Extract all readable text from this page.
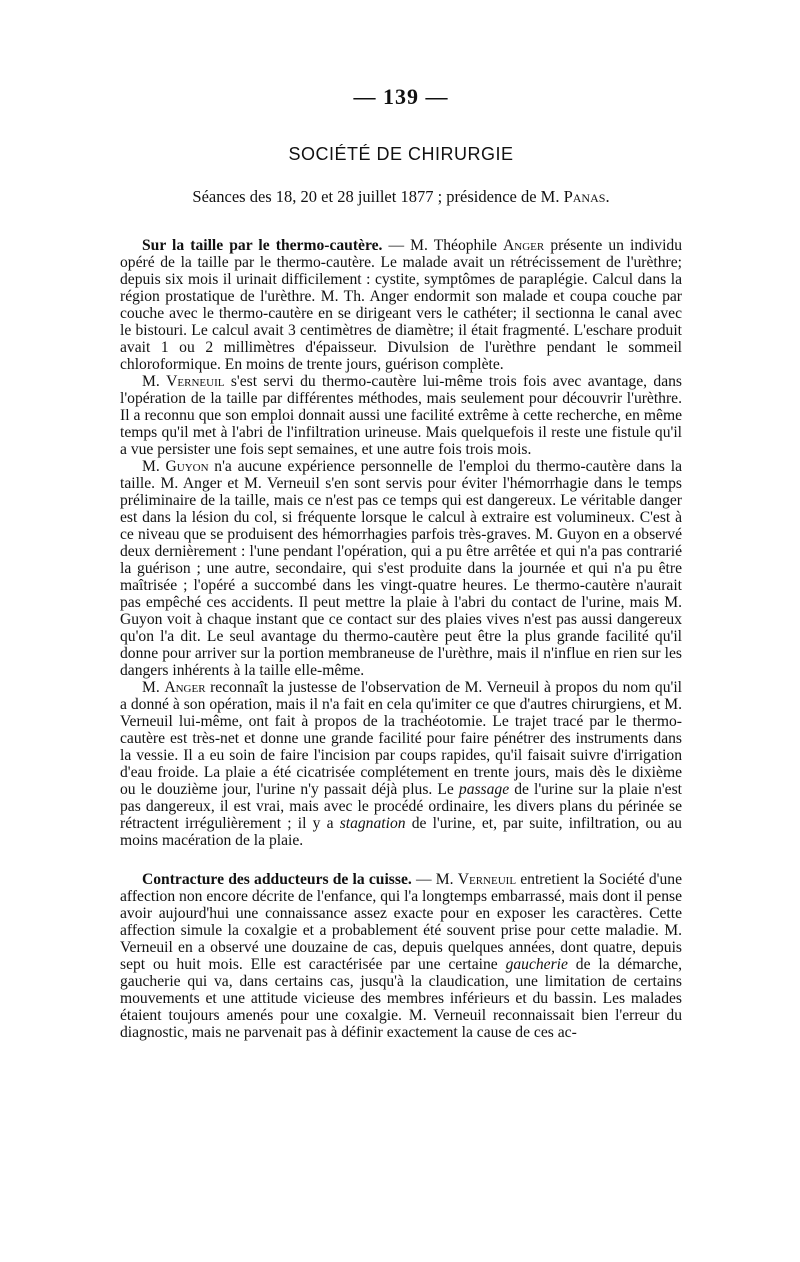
— 139 —
SOCIÉTÉ DE CHIRURGIE
Séances des 18, 20 et 28 juillet 1877 ; présidence de M. Panas.

Sur la taille par le thermo-cautère. — M. Théophile Anger présente un individu opéré de la taille par le thermo-cautère. Le malade avait un rétrécissement de l'urèthre; depuis six mois il urinait difficilement : cystite, symptômes de paraplégie. Calcul dans la région prostatique de l'urèthre. M. Th. Anger endormit son malade et coupa couche par couche avec le thermo-cautère en se dirigeant vers le cathéter; il sectionna le canal avec le bistouri. Le calcul avait 3 centimètres de diamètre; il était fragmenté. L'eschare produit avait 1 ou 2 millimètres d'épaisseur. Divulsion de l'urèthre pendant le sommeil chloroformique. En moins de trente jours, guérison complète.

M. Verneuil s'est servi du thermo-cautère lui-même trois fois avec avantage, dans l'opération de la taille par différentes méthodes, mais seulement pour découvrir l'urèthre. Il a reconnu que son emploi donnait aussi une facilité extrême à cette recherche, en même temps qu'il met à l'abri de l'infiltration urineuse. Mais quelquefois il reste une fistule qu'il a vue persister une fois sept semaines, et une autre fois trois mois.

M. Guyon n'a aucune expérience personnelle de l'emploi du thermo-cautère dans la taille. M. Anger et M. Verneuil s'en sont servis pour éviter l'hémorrhagie dans le temps préliminaire de la taille, mais ce n'est pas ce temps qui est dangereux. Le véritable danger est dans la lésion du col, si fréquente lorsque le calcul à extraire est volumineux. C'est à ce niveau que se produisent des hémorrhagies parfois très-graves. M. Guyon en a observé deux dernièrement : l'une pendant l'opération, qui a pu être arrêtée et qui n'a pas contrarié la guérison ; une autre, secondaire, qui s'est produite dans la journée et qui n'a pu être maîtrisée ; l'opéré a succombé dans les vingt-quatre heures. Le thermo-cautère n'aurait pas empêché ces accidents. Il peut mettre la plaie à l'abri du contact de l'urine, mais M. Guyon voit à chaque instant que ce contact sur des plaies vives n'est pas aussi dangereux qu'on l'a dit. Le seul avantage du thermo-cautère peut être la plus grande facilité qu'il donne pour arriver sur la portion membraneuse de l'urèthre, mais il n'influe en rien sur les dangers inhérents à la taille elle-même.

M. Anger reconnaît la justesse de l'observation de M. Verneuil à propos du nom qu'il a donné à son opération, mais il n'a fait en cela qu'imiter ce que d'autres chirurgiens, et M. Verneuil lui-même, ont fait à propos de la trachéotomie. Le trajet tracé par le thermo-cautère est très-net et donne une grande facilité pour faire pénétrer des instruments dans la vessie. Il a eu soin de faire l'incision par coups rapides, qu'il faisait suivre d'irrigation d'eau froide. La plaie a été cicatrisée complétement en trente jours, mais dès le dixième ou le douzième jour, l'urine n'y passait déjà plus. Le passage de l'urine sur la plaie n'est pas dangereux, il est vrai, mais avec le procédé ordinaire, les divers plans du périnée se rétractent irrégulièrement ; il y a stagnation de l'urine, et, par suite, infiltration, ou au moins macération de la plaie.

Contracture des adducteurs de la cuisse. — M. Verneuil entretient la Société d'une affection non encore décrite de l'enfance, qui l'a longtemps embarrassé, mais dont il pense avoir aujourd'hui une connaissance assez exacte pour en exposer les caractères. Cette affection simule la coxalgie et a probablement été souvent prise pour cette maladie. M. Verneuil en a observé une douzaine de cas, depuis quelques années, dont quatre, depuis sept ou huit mois. Elle est caractérisée par une certaine gaucherie de la démarche, gaucherie qui va, dans certains cas, jusqu'à la claudication, une limitation de certains mouvements et une attitude vicieuse des membres inférieurs et du bassin. Les malades étaient toujours amenés pour une coxalgie. M. Verneuil reconnaissait bien l'erreur du diagnostic, mais ne parvenait pas à définir exactement la cause de ces ac-
